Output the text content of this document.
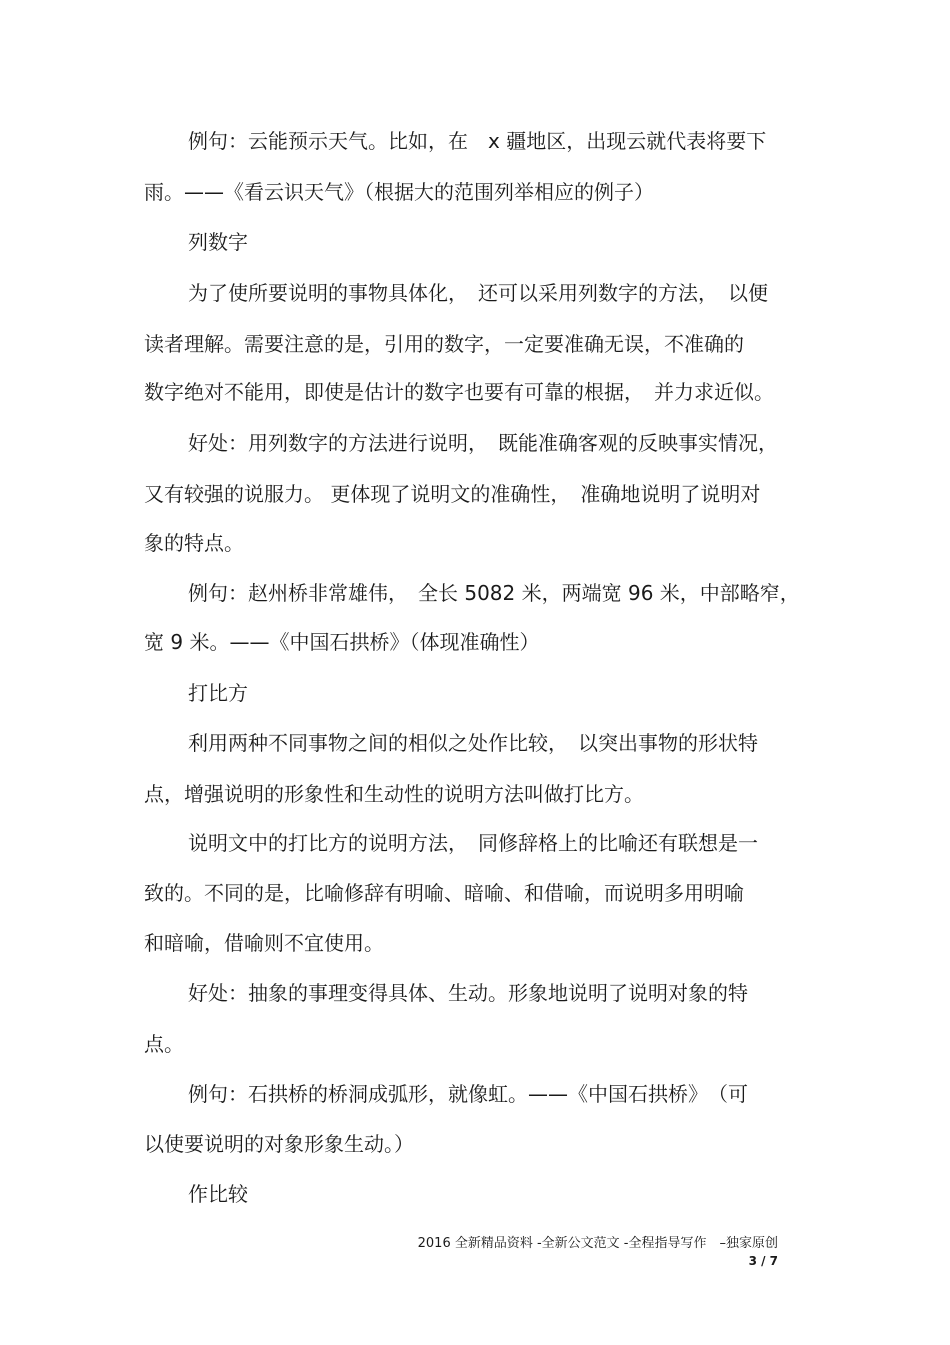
例句：云能预示天气。比如，在　x 疆地区，出现云就代表将要下
雨。——《看云识天气》（根据大的范围列举相应的例子）
列数字
为了使所要说明的事物具体化，　还可以采用列数字的方法，　以便
读者理解。需要注意的是，引用的数字，一定要准确无误，不准确的
数字绝对不能用，即使是估计的数字也要有可靠的根据，　并力求近似。
好处：用列数字的方法进行说明，　既能准确客观的反映事实情况，
又有较强的说服力。 更体现了说明文的准确性，　准确地说明了说明对
象的特点。
例句：赵州桥非常雄伟，　全长 5082 米，两端宽 96 米，中部略窄，
宽 9 米。——《中国石拱桥》（体现准确性）
打比方
利用两种不同事物之间的相似之处作比较，　以突出事物的形状特
点，增强说明的形象性和生动性的说明方法叫做打比方。
说明文中的打比方的说明方法，　同修辞格上的比喻还有联想是一
致的。不同的是，比喻修辞有明喻、暗喻、和借喻，而说明多用明喻
和暗喻，借喻则不宜使用。
好处：抽象的事理变得具体、生动。形象地说明了说明对象的特
点。
例句：石拱桥的桥洞成弧形，就像虹。——《中国石拱桥》　（可
以使要说明的对象形象生动。）
作比较
2016 全新精品资料 -全新公文范文 -全程指导写作　–独家原创
3 / 7
